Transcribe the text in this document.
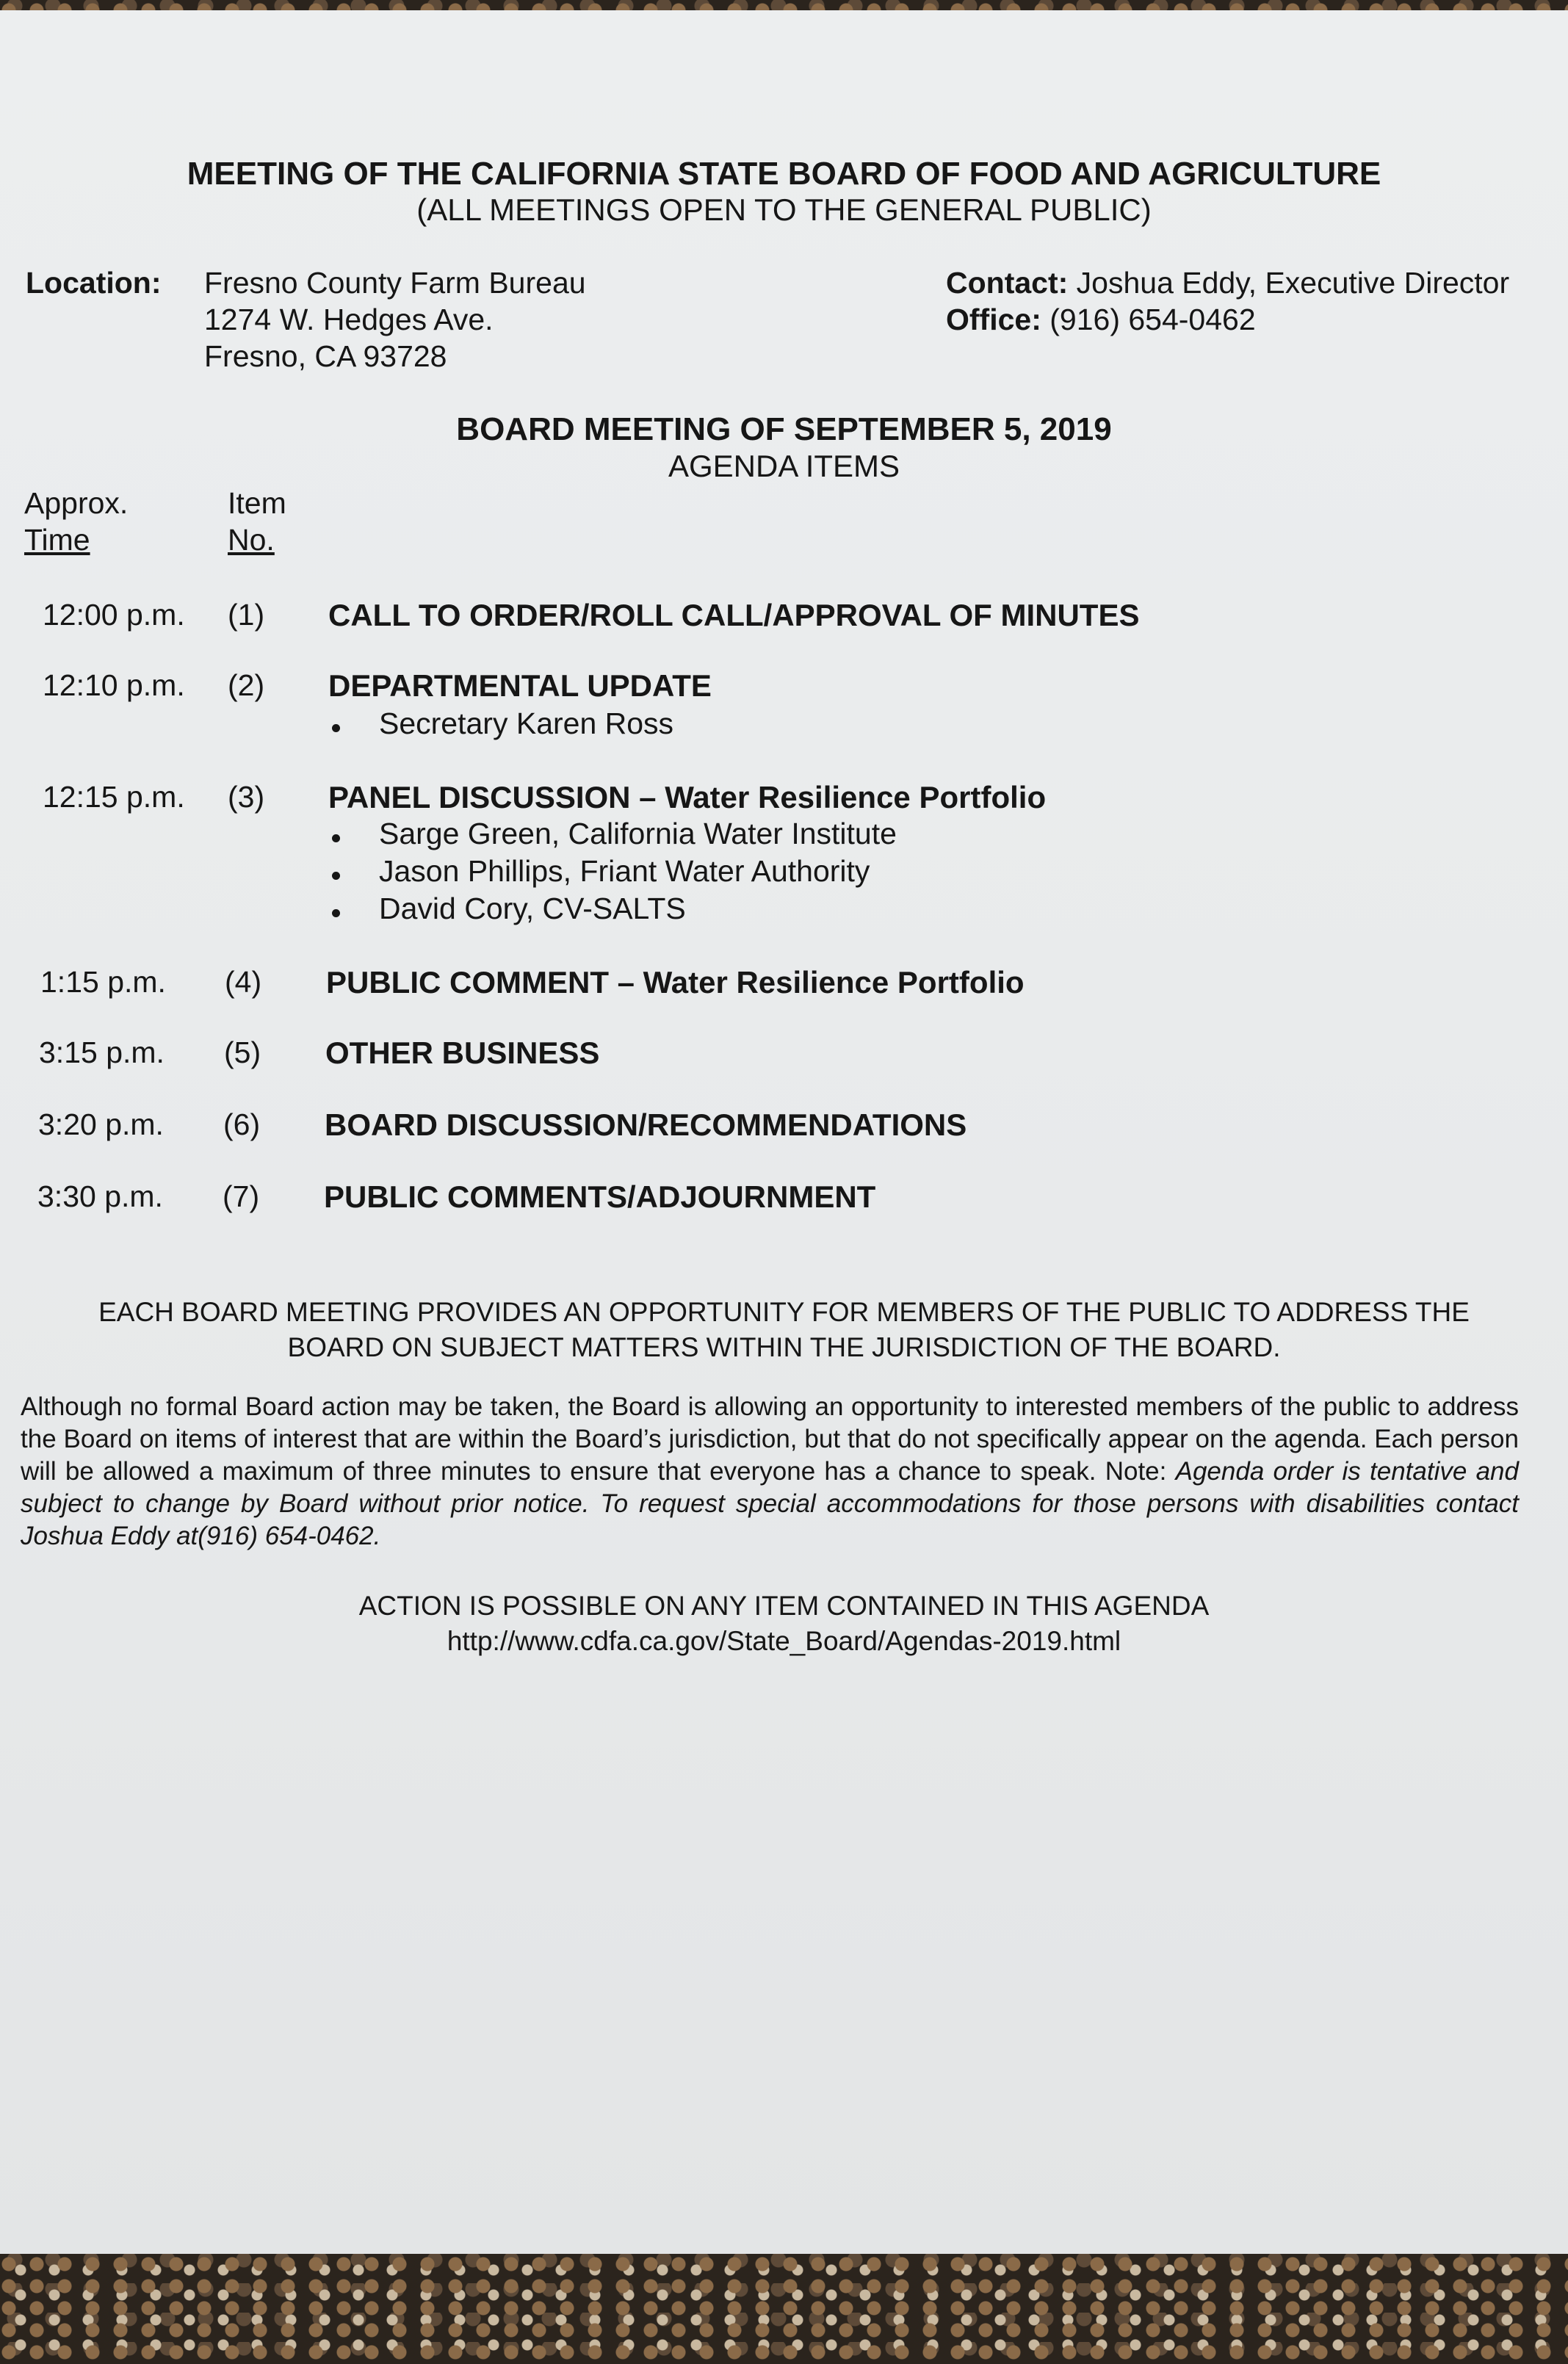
MEETING OF THE CALIFORNIA STATE BOARD OF FOOD AND AGRICULTURE
(ALL MEETINGS OPEN TO THE GENERAL PUBLIC)
Location: Fresno County Farm Bureau
1274 W. Hedges Ave.
Fresno, CA 93728
Contact: Joshua Eddy, Executive Director
Office: (916) 654-0462
BOARD MEETING OF SEPTEMBER 5, 2019
AGENDA ITEMS
Approx.
Time
Item
No.
12:00 p.m. (1) CALL TO ORDER/ROLL CALL/APPROVAL OF MINUTES
12:10 p.m. (2) DEPARTMENTAL UPDATE
Secretary Karen Ross
12:15 p.m. (3) PANEL DISCUSSION – Water Resilience Portfolio
Sarge Green, California Water Institute
Jason Phillips, Friant Water Authority
David Cory, CV-SALTS
1:15 p.m. (4) PUBLIC COMMENT – Water Resilience Portfolio
3:15 p.m. (5) OTHER BUSINESS
3:20 p.m. (6) BOARD DISCUSSION/RECOMMENDATIONS
3:30 p.m. (7) PUBLIC COMMENTS/ADJOURNMENT
EACH BOARD MEETING PROVIDES AN OPPORTUNITY FOR MEMBERS OF THE PUBLIC TO ADDRESS THE
BOARD ON SUBJECT MATTERS WITHIN THE JURISDICTION OF THE BOARD.
Although no formal Board action may be taken, the Board is allowing an opportunity to interested members of the public to address the Board on items of interest that are within the Board’s jurisdiction, but that do not specifically appear on the agenda. Each person will be allowed a maximum of three minutes to ensure that everyone has a chance to speak. Note: Agenda order is tentative and subject to change by Board without prior notice. To request special accommodations for those persons with disabilities contact Joshua Eddy at(916) 654-0462.
ACTION IS POSSIBLE ON ANY ITEM CONTAINED IN THIS AGENDA
http://www.cdfa.ca.gov/State_Board/Agendas-2019.html
